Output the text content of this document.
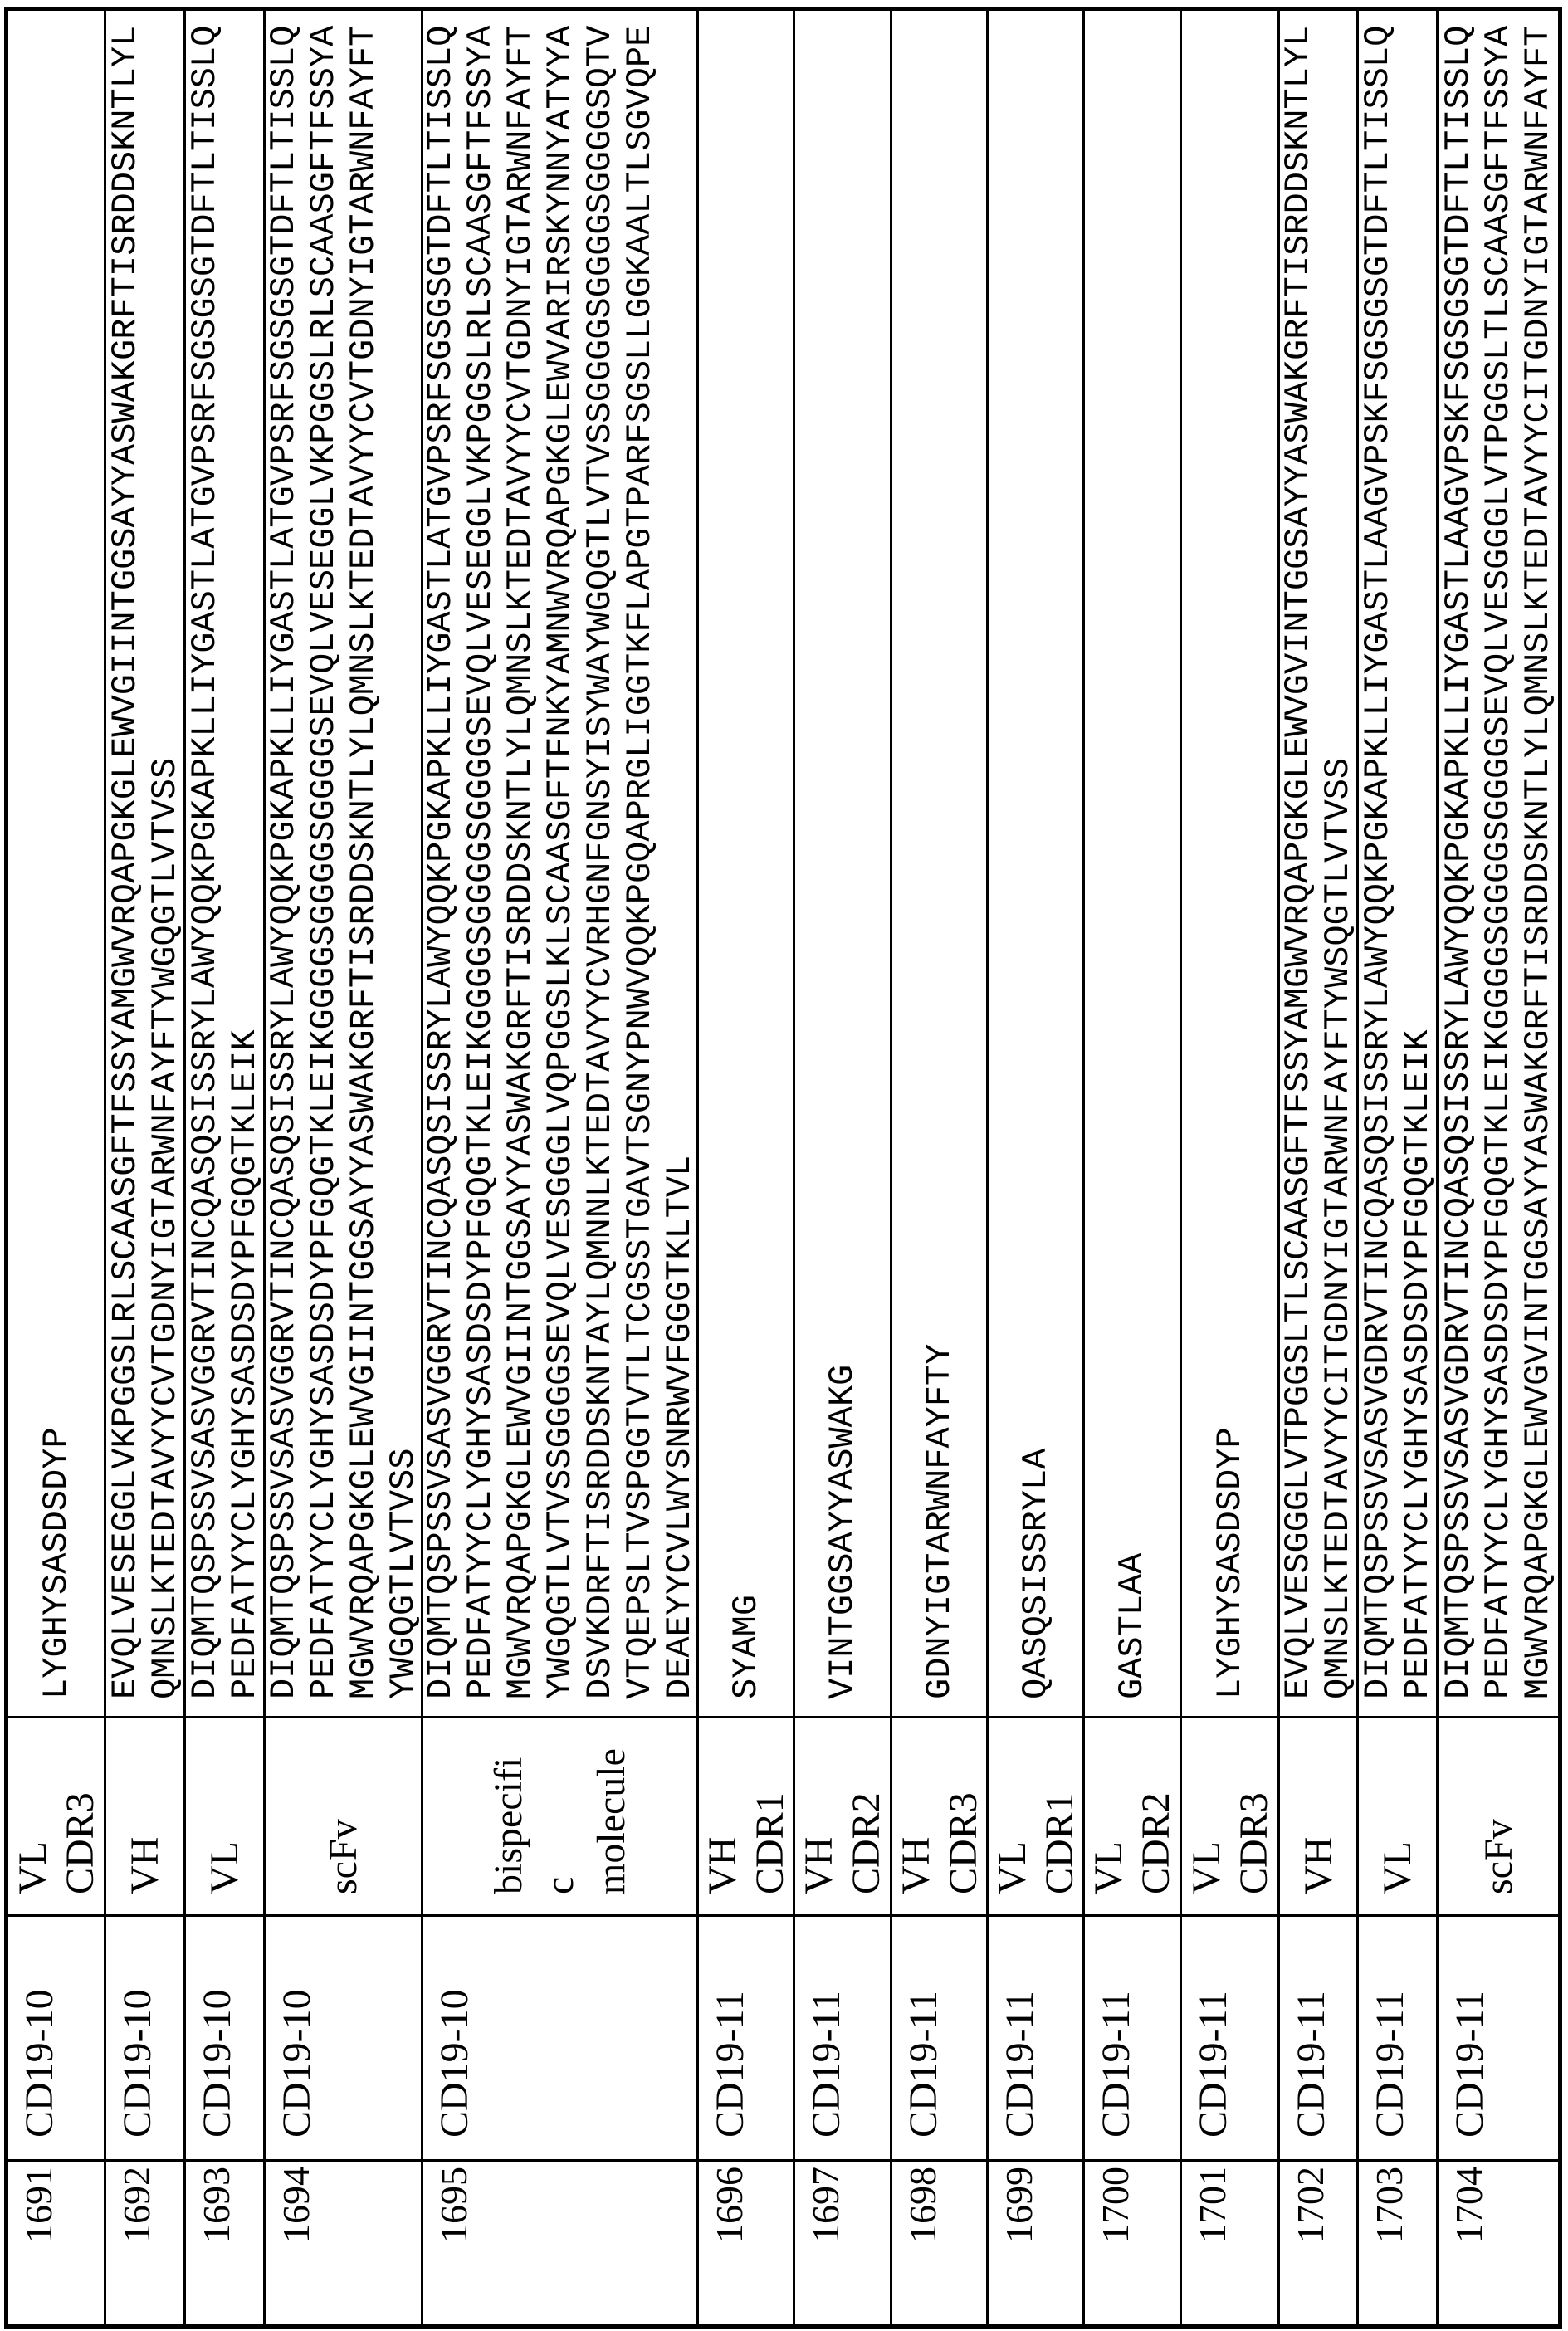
1691
CD19-10
VL CDR3
LYGHYSASDSDYP
1692
CD19-10
VH
EVQLVESEGGLVKPGGSLRLSCAASGFTFSSYAMGWVRQAPGKGLEWVGIINTGGSAYYASWAKGRFTISRDDSKNTLYL QMNSLKTEDTAVYYCVTGDNYIGTARWNFAYFTYWGQGTLVTVSS
1693
CD19-10
VL
DIQMTQSPSSVSASVGGRVTINCQASQSISSRYLAWYQQKPGKAPKLLIYGASTLATGVPSRFSGSGSGTDFTLTISSLQ PEDFATYYCLYGHYSASDSDYPFGQGTKLEIK
1694
CD19-10
scFv
DIQMTQSPSSVSASVGGRVTINCQASQSISSRYLAWYQQKPGKAPKLLIYGASTLATGVPSRFSGSGSGTDFTLTISSLQ PEDFATYYCLYGHYSASDSDYPFGQGTKLEIKGGGGSGGGGSGGGGSEVQLVESEGGLVKPGGSLRLSCAASGFTFSSYA MGWVRQAPGKGLEWVGIINTGGSAYYASWAKGRFTISRDDSKNTLYLQMNSLKTEDTAVYYCVTGDNYIGTARWNFAYFT YWGQGTLVTVSS
1695
CD19-10
bispecifi c molecule
DIQMTQSPSSVSASVGGRVTINCQASQSISSRYLAWYQQKPGKAPKLLIYGASTLATGVPSRFSGSGSGTDFTLTISSLQ PEDFATYYCLYGHYSASDSDYPFGQGTKLEIKGGGGSGGGGSGGGGSEVQLVESEGGLVKPGGSLRLSCAASGFTFSSYA MGWVRQAPGKGLEWVGIINTGGSAYYASWAKGRFTISRDDSKNTLYLQMNSLKTEDTAVYYCVTGDNYIGTARWNFAYFT YWGQGTLVTVSSGGGGSEVQLVESGGGLVQPGGSLKLSCAASGFTFNKYAMNWVRQAPGKGLEWVARIRSKYNNYATYYA DSVKDRFTISRDDSKNTAYLQMNNLKTEDTAVYYCVRHGNFGNSYISYWAYWGQGTLVTVSSGGGGSGGGGSGGGGSQTV VTQEPSLTVSPGGTVTLTCGSSTGAVTSGNYPNWVQQKPGQAPRGLIGGTKFLAPGTPARFSGSLLGGKAALTLSGVQPE DEAEYYCVLWYSNRWVFGGGTKLTVL
1696
CD19-11
VH CDR1
SYAMG
1697
CD19-11
VH CDR2
VINTGGSAYYASWAKG
1698
CD19-11
VH CDR3
GDNYIGTARWNFAYFTY
1699
CD19-11
VL CDR1
QASQSISSRYLA
1700
CD19-11
VL CDR2
GASTLAA
1701
CD19-11
VL CDR3
LYGHYSASDSDYP
1702
CD19-11
VH
EVQLVESGGGLVTPGGSLTLSCAASGFTFSSYAMGWVRQAPGKGLEWVGVINTGGSAYYASWAKGRFTISRDDSKNTLYL QMNSLKTEDTAVYYCITGDNYIGTARWNFAYFTYWSQGTLVTVSS
1703
CD19-11
VL
DIQMTQSPSSVSASVGDRVTINCQASQSISSRYLAWYQQKPGKAPKLLIYGASTLAAGVPSKFSGSGSGTDFTLTISSLQ PEDFATYYCLYGHYSASDSDYPFGQGTKLEIK
1704
CD19-11
scFv
DIQMTQSPSSVSASVGDRVTINCQASQSISSRYLAWYQQKPGKAPKLLIYGASTLAAGVPSKFSGSGSGTDFTLTISSLQ PEDFATYYCLYGHYSASDSDYPFGQGTKLEIKGGGGSGGGGSGGGGSEVQLVESGGGLVTPGGSLTLSCAASGFTFSSYA MGWVRQAPGKGLEWVGVINTGGSAYYASWAKGRFTISRDDSKNTLYLQMNSLKTEDTAVYYCITGDNYIGTARWNFAYFT
